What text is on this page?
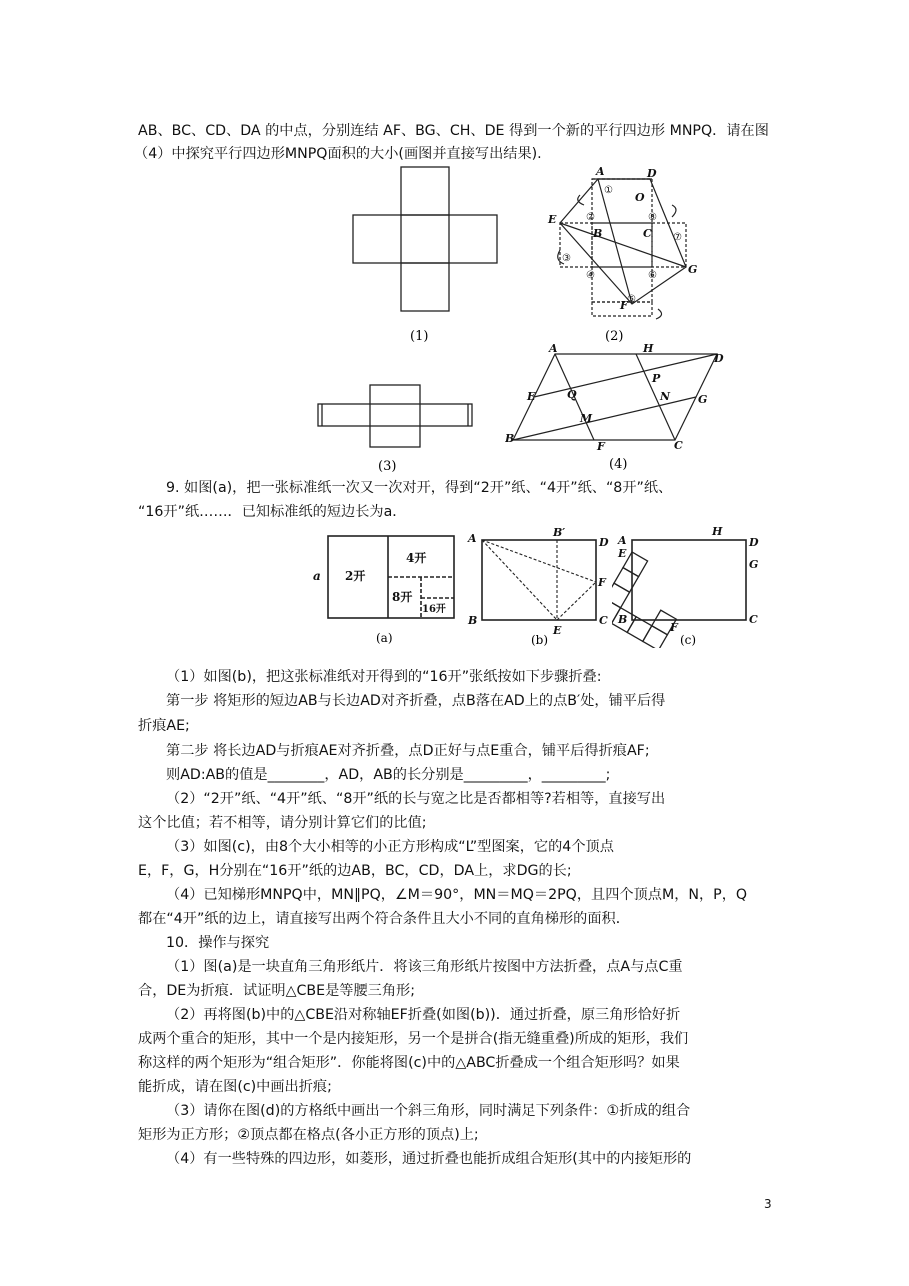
AB、BC、CD、DA 的中点，分别连结 AF、BG、CH、DE 得到一个新的平行四边形 MNPQ．请在图
（4）中探究平行四边形MNPQ面积的大小(画图并直接写出结果).
(1)
A	D
O
E
B	C
G
F
①
②	⑧
⑦
③
④	⑥
⑤
(2)
(3)
A	H
D
P
E	Q	N	G
M
B
F	C
(4)
9. 如图(a)，把一张标准纸一次又一次对开，得到“2开”纸、“4开”纸、“8开”纸、
“16开”纸……．已知标准纸的短边长为a．
a 2开
4开
8开
16开
(a)
A	B′
D
F
B
E
C
(b)
A
E
H
D
G
B
F
C
(c)
（1）如图(b)，把这张标准纸对开得到的“16开”张纸按如下步骤折叠:
第一步 将矩形的短边AB与长边AD对齐折叠，点B落在AD上的点B′处，铺平后得
折痕AE;
第二步 将长边AD与折痕AE对齐折叠，点D正好与点E重合，铺平后得折痕AF;
则AD:AB的值是________，AD，AB的长分别是_________，_________;
（2）“2开”纸、“4开”纸、“8开”纸的长与宽之比是否都相等?若相等，直接写出
这个比值；若不相等，请分别计算它们的比值;
（3）如图(c)，由8个大小相等的小正方形构成“L”型图案，它的4个顶点
E，F，G，H分别在“16开”纸的边AB，BC，CD，DA上，求DG的长;
（4）已知梯形MNPQ中，MN∥PQ，∠M＝90°，MN＝MQ＝2PQ，且四个顶点M，N，P，Q
都在“4开”纸的边上，请直接写出两个符合条件且大小不同的直角梯形的面积．
10．操作与探究
（1）图(a)是一块直角三角形纸片．将该三角形纸片按图中方法折叠，点A与点C重
合，DE为折痕．试证明△CBE是等腰三角形;
（2）再将图(b)中的△CBE沿对称轴EF折叠(如图(b))．通过折叠，原三角形恰好折
成两个重合的矩形，其中一个是内接矩形，另一个是拼合(指无缝重叠)所成的矩形，我们
称这样的两个矩形为“组合矩形”．你能将图(c)中的△ABC折叠成一个组合矩形吗？如果
能折成，请在图(c)中画出折痕;
（3）请你在图(d)的方格纸中画出一个斜三角形，同时满足下列条件：①折成的组合
矩形为正方形；②顶点都在格点(各小正方形的顶点)上;
（4）有一些特殊的四边形，如菱形，通过折叠也能折成组合矩形(其中的内接矩形的
3
